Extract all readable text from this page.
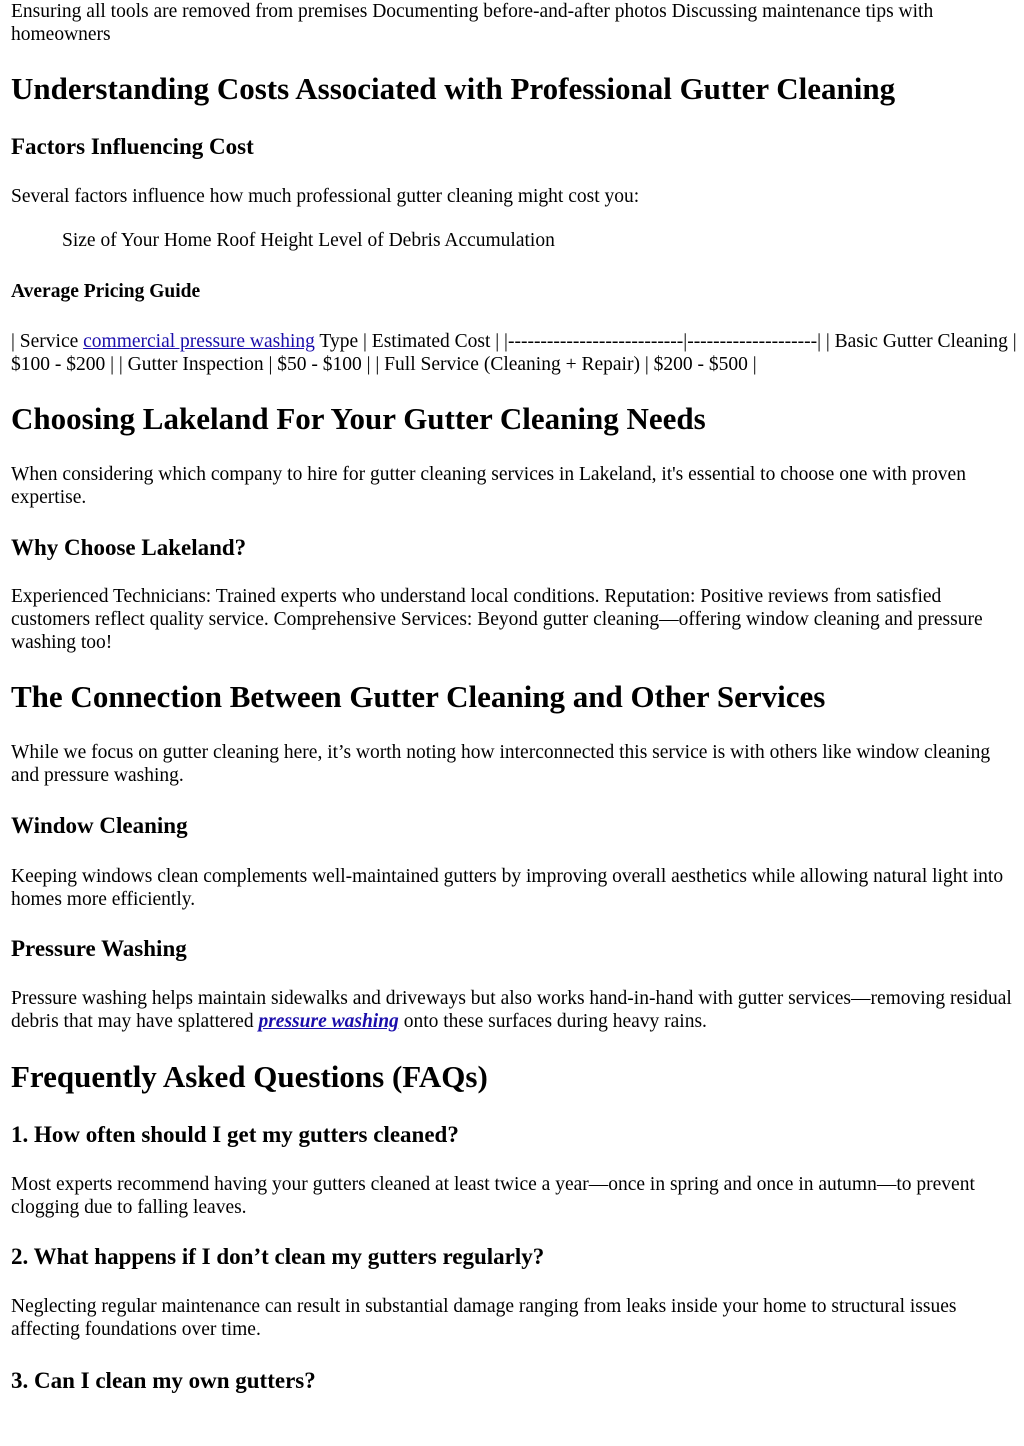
Ensuring all tools are removed from premises Documenting before-and-after photos Discussing maintenance tips with homeowners

Understanding Costs Associated with Professional Gutter Cleaning
Factors Influencing Cost

Several factors influence how much professional gutter cleaning might cost you:

Size of Your Home Roof Height Level of Debris Accumulation

Average Pricing Guide

| Service commercial pressure washing Type | Estimated Cost | |---------------------------|--------------------| | Basic Gutter Cleaning | $100 - $200 | | Gutter Inspection | $50 - $100 | | Full Service (Cleaning + Repair) | $200 - $500 |

Choosing Lakeland For Your Gutter Cleaning Needs

When considering which company to hire for gutter cleaning services in Lakeland, it's essential to choose one with proven expertise.

Why Choose Lakeland?

Experienced Technicians: Trained experts who understand local conditions. Reputation: Positive reviews from satisfied customers reflect quality service. Comprehensive Services: Beyond gutter cleaning—offering window cleaning and pressure washing too!

The Connection Between Gutter Cleaning and Other Services

While we focus on gutter cleaning here, it’s worth noting how interconnected this service is with others like window cleaning and pressure washing.

Window Cleaning

Keeping windows clean complements well-maintained gutters by improving overall aesthetics while allowing natural light into homes more efficiently.

Pressure Washing

Pressure washing helps maintain sidewalks and driveways but also works hand-in-hand with gutter services—removing residual debris that may have splattered pressure washing onto these surfaces during heavy rains.

Frequently Asked Questions (FAQs)
1. How often should I get my gutters cleaned?

Most experts recommend having your gutters cleaned at least twice a year—once in spring and once in autumn—to prevent clogging due to falling leaves.

2. What happens if I don’t clean my gutters regularly?

Neglecting regular maintenance can result in substantial damage ranging from leaks inside your home to structural issues affecting foundations over time.

3. Can I clean my own gutters?
